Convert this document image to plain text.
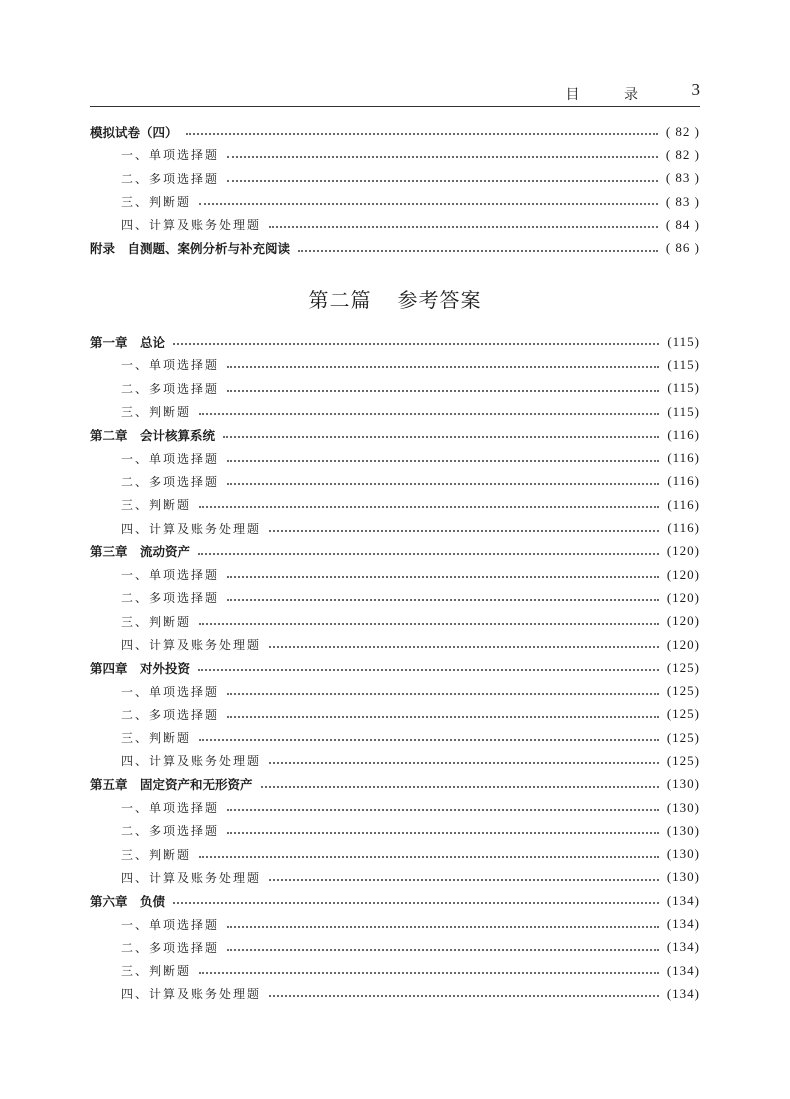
目 录 3
模拟试卷（四）	( 82 )
一、单项选择题	( 82 )
二、多项选择题	( 83 )
三、判断题	( 83 )
四、计算及账务处理题	( 84 )
附录　自测题、案例分析与补充阅读	( 86 )
第二篇 参考答案
第一章　总论	(115)
一、单项选择题	(115)
二、多项选择题	(115)
三、判断题	(115)
第二章　会计核算系统	(116)
一、单项选择题	(116)
二、多项选择题	(116)
三、判断题	(116)
四、计算及账务处理题	(116)
第三章　流动资产	(120)
一、单项选择题	(120)
二、多项选择题	(120)
三、判断题	(120)
四、计算及账务处理题	(120)
第四章　对外投资	(125)
一、单项选择题	(125)
二、多项选择题	(125)
三、判断题	(125)
四、计算及账务处理题	(125)
第五章　固定资产和无形资产	(130)
一、单项选择题	(130)
二、多项选择题	(130)
三、判断题	(130)
四、计算及账务处理题	(130)
第六章　负债	(134)
一、单项选择题	(134)
二、多项选择题	(134)
三、判断题	(134)
四、计算及账务处理题	(134)
